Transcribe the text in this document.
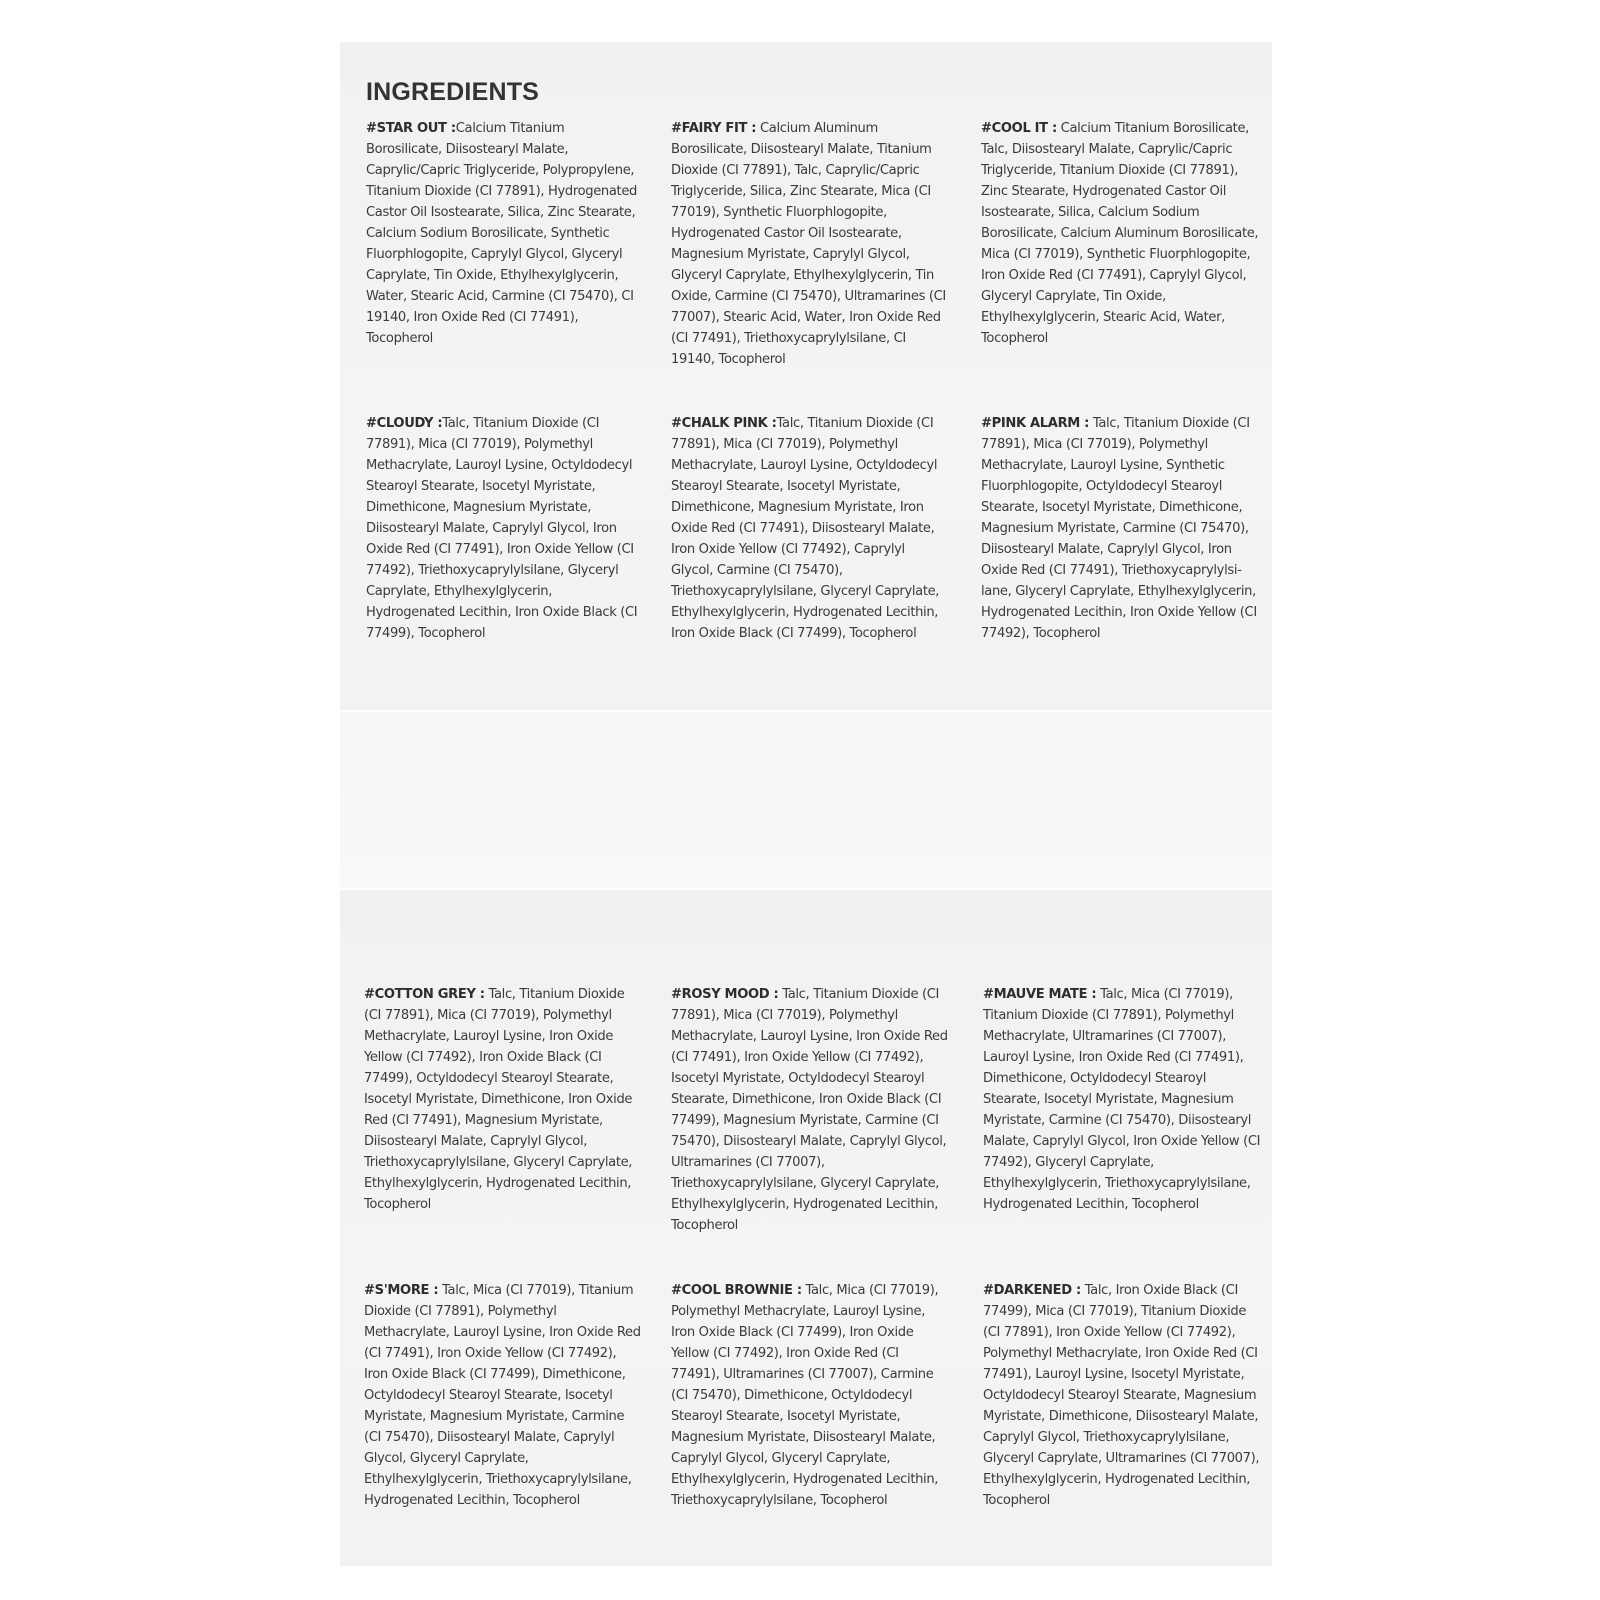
INGREDIENTS

#STAR OUT :Calcium Titanium Borosilicate, Diisostearyl Malate, Caprylic/Capric Triglyceride, Polypropylene, Titanium Dioxide (CI 77891), Hydrogenated Castor Oil Isostearate, Silica, Zinc Stearate, Calcium Sodium Borosilicate, Synthetic Fluorphlogopite, Caprylyl Glycol, Glyceryl Caprylate, Tin Oxide, Ethylhexylglycerin, Water, Stearic Acid, Carmine (CI 75470), CI 19140, Iron Oxide Red (CI 77491), Tocopherol

#FAIRY FIT : Calcium Aluminum Borosilicate, Diisostearyl Malate, Titanium Dioxide (CI 77891), Talc, Caprylic/Capric Triglyceride, Silica, Zinc Stearate, Mica (CI 77019), Synthetic Fluorphlogopite, Hydrogenated Castor Oil Isostearate, Magnesium Myristate, Caprylyl Glycol, Glyceryl Caprylate, Ethylhexylglycerin, Tin Oxide, Carmine (CI 75470), Ultramarines (CI 77007), Stearic Acid, Water, Iron Oxide Red (CI 77491), Triethoxycaprylylsilane, CI 19140, Tocopherol

#COOL IT : Calcium Titanium Borosilicate, Talc, Diisostearyl Malate, Caprylic/Capric Triglyceride, Titanium Dioxide (CI 77891), Zinc Stearate, Hydrogenated Castor Oil Isostearate, Silica, Calcium Sodium Borosilicate, Calcium Aluminum Borosilicate, Mica (CI 77019), Synthetic Fluorphlogopite, Iron Oxide Red (CI 77491), Caprylyl Glycol, Glyceryl Caprylate, Tin Oxide, Ethylhexylglycerin, Stearic Acid, Water, Tocopherol

#CLOUDY :Talc, Titanium Dioxide (CI 77891), Mica (CI 77019), Polymethyl Methacrylate, Lauroyl Lysine, Octyldodecyl Stearoyl Stearate, Isocetyl Myristate, Dimethicone, Magnesium Myristate, Diisostearyl Malate, Caprylyl Glycol, Iron Oxide Red (CI 77491), Iron Oxide Yellow (CI 77492), Triethoxycaprylylsilane, Glyceryl Caprylate, Ethylhexylglycerin, Hydrogenated Lecithin, Iron Oxide Black (CI 77499), Tocopherol

#CHALK PINK :Talc, Titanium Dioxide (CI 77891), Mica (CI 77019), Polymethyl Methacrylate, Lauroyl Lysine, Octyldodecyl Stearoyl Stearate, Isocetyl Myristate, Dimethicone, Magnesium Myristate, Iron Oxide Red (CI 77491), Diisostearyl Malate, Iron Oxide Yellow (CI 77492), Caprylyl Glycol, Carmine (CI 75470), Triethoxycaprylylsilane, Glyceryl Caprylate, Ethylhexylglycerin, Hydrogenated Lecithin, Iron Oxide Black (CI 77499), Tocopherol

#PINK ALARM : Talc, Titanium Dioxide (CI 77891), Mica (CI 77019), Polymethyl Methacrylate, Lauroyl Lysine, Synthetic Fluorphlogopite, Octyldodecyl Stearoyl Stearate, Isocetyl Myristate, Dimethicone, Magnesium Myristate, Carmine (CI 75470), Diisostearyl Malate, Caprylyl Glycol, Iron Oxide Red (CI 77491), Triethoxycaprylylsi-lane, Glyceryl Caprylate, Ethylhexylglycerin, Hydrogenated Lecithin, Iron Oxide Yellow (CI 77492), Tocopherol

#COTTON GREY : Talc, Titanium Dioxide (CI 77891), Mica (CI 77019), Polymethyl Methacrylate, Lauroyl Lysine, Iron Oxide Yellow (CI 77492), Iron Oxide Black (CI 77499), Octyldodecyl Stearoyl Stearate, Isocetyl Myristate, Dimethicone, Iron Oxide Red (CI 77491), Magnesium Myristate, Diisostearyl Malate, Caprylyl Glycol, Triethoxycaprylylsilane, Glyceryl Caprylate, Ethylhexylglycerin, Hydrogenated Lecithin, Tocopherol

#ROSY MOOD : Talc, Titanium Dioxide (CI 77891), Mica (CI 77019), Polymethyl Methacrylate, Lauroyl Lysine, Iron Oxide Red (CI 77491), Iron Oxide Yellow (CI 77492), Isocetyl Myristate, Octyldodecyl Stearoyl Stearate, Dimethicone, Iron Oxide Black (CI 77499), Magnesium Myristate, Carmine (CI 75470), Diisostearyl Malate, Caprylyl Glycol, Ultramarines (CI 77007), Triethoxycaprylylsilane, Glyceryl Caprylate, Ethylhexylglycerin, Hydrogenated Lecithin, Tocopherol

#MAUVE MATE : Talc, Mica (CI 77019), Titanium Dioxide (CI 77891), Polymethyl Methacrylate, Ultramarines (CI 77007), Lauroyl Lysine, Iron Oxide Red (CI 77491), Dimethicone, Octyldodecyl Stearoyl Stearate, Isocetyl Myristate, Magnesium Myristate, Carmine (CI 75470), Diisostearyl Malate, Caprylyl Glycol, Iron Oxide Yellow (CI 77492), Glyceryl Caprylate, Ethylhexylglycerin, Triethoxycaprylylsilane, Hydrogenated Lecithin, Tocopherol

#S'MORE : Talc, Mica (CI 77019), Titanium Dioxide (CI 77891), Polymethyl Methacrylate, Lauroyl Lysine, Iron Oxide Red (CI 77491), Iron Oxide Yellow (CI 77492), Iron Oxide Black (CI 77499), Dimethicone, Octyldodecyl Stearoyl Stearate, Isocetyl Myristate, Magnesium Myristate, Carmine (CI 75470), Diisostearyl Malate, Caprylyl Glycol, Glyceryl Caprylate, Ethylhexylglycerin, Triethoxycaprylylsilane, Hydrogenated Lecithin, Tocopherol

#COOL BROWNIE : Talc, Mica (CI 77019), Polymethyl Methacrylate, Lauroyl Lysine, Iron Oxide Black (CI 77499), Iron Oxide Yellow (CI 77492), Iron Oxide Red (CI 77491), Ultramarines (CI 77007), Carmine (CI 75470), Dimethicone, Octyldodecyl Stearoyl Stearate, Isocetyl Myristate, Magnesium Myristate, Diisostearyl Malate, Caprylyl Glycol, Glyceryl Caprylate, Ethylhexylglycerin, Hydrogenated Lecithin, Triethoxycaprylylsilane, Tocopherol

#DARKENED : Talc, Iron Oxide Black (CI 77499), Mica (CI 77019), Titanium Dioxide (CI 77891), Iron Oxide Yellow (CI 77492), Polymethyl Methacrylate, Iron Oxide Red (CI 77491), Lauroyl Lysine, Isocetyl Myristate, Octyldodecyl Stearoyl Stearate, Magnesium Myristate, Dimethicone, Diisostearyl Malate, Caprylyl Glycol, Triethoxycaprylylsilane, Glyceryl Caprylate, Ultramarines (CI 77007), Ethylhexylglycerin, Hydrogenated Lecithin, Tocopherol
